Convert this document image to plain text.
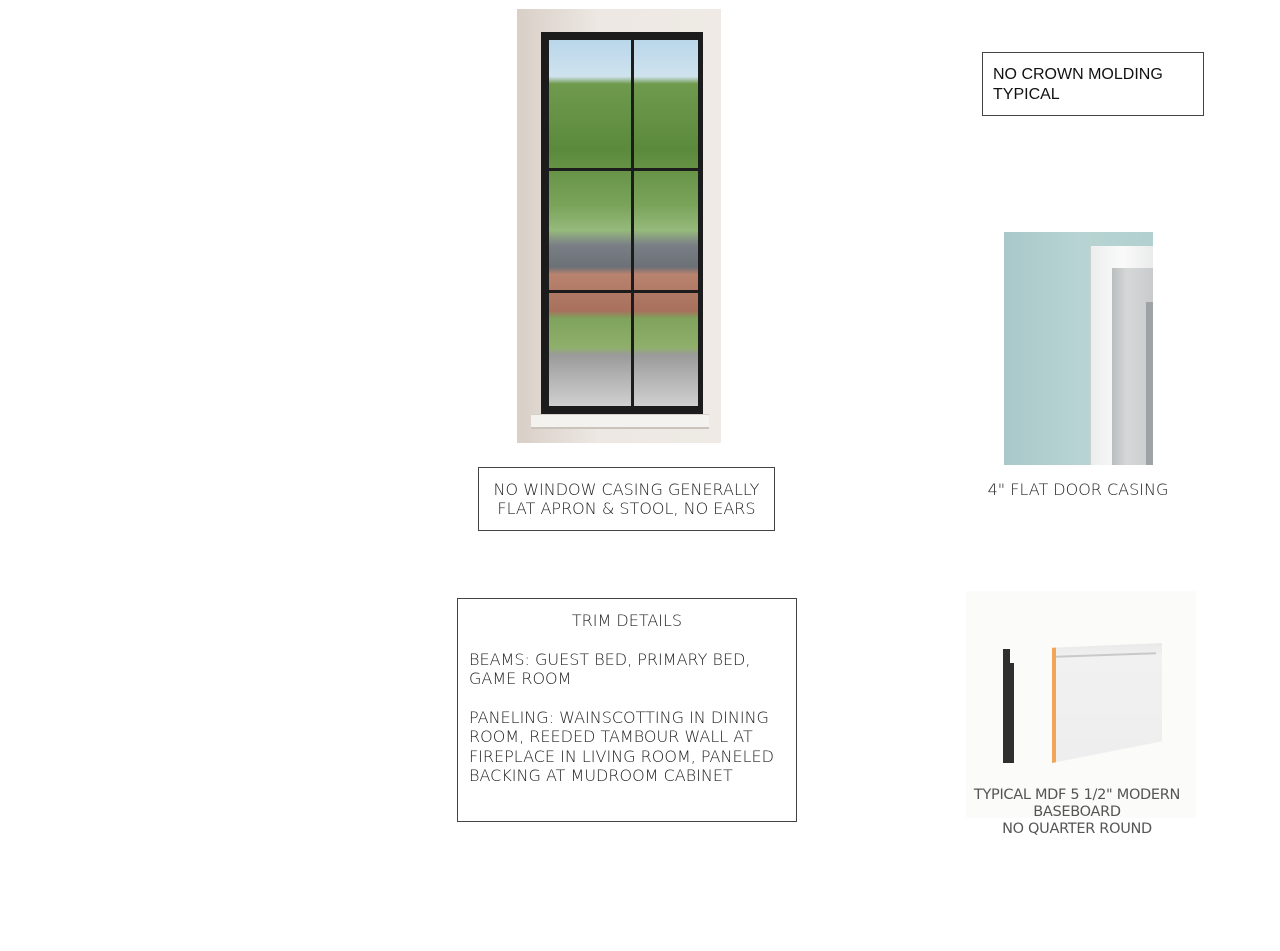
NO CROWN MOLDING
TYPICAL
4" FLAT DOOR CASING
NO WINDOW CASING GENERALLY
FLAT APRON & STOOL, NO EARS
TRIM DETAILS
BEAMS: GUEST BED, PRIMARY BED, GAME ROOM
PANELING: WAINSCOTTING IN DINING ROOM, REEDED TAMBOUR WALL AT FIREPLACE IN LIVING ROOM, PANELED BACKING AT MUDROOM CABINET
TYPICAL MDF 5 1/2" MODERN BASEBOARD
NO QUARTER ROUND
